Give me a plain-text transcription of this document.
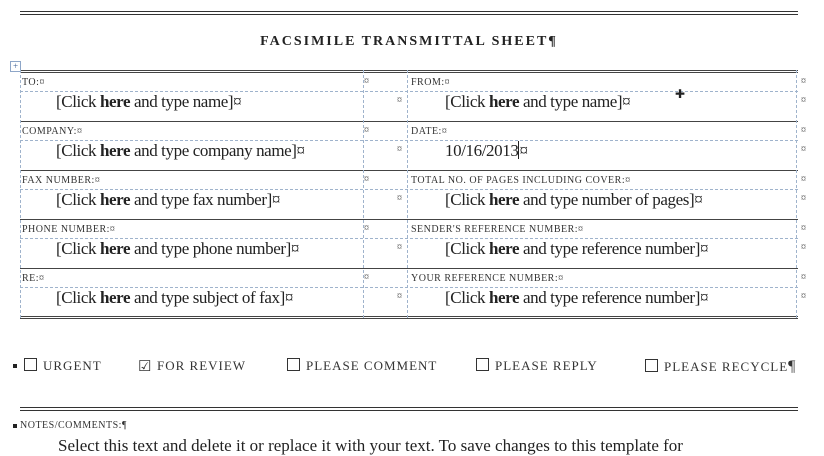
FACSIMILE TRANSMITTAL SHEET¶
+
TO:¤	¤	FROM:¤	¤
[Click here and type name]¤	¤	[Click here and type name]¤	¤
COMPANY:¤	¤	DATE:¤	¤
[Click here and type company name]¤	¤	10/16/2013¤	¤
FAX NUMBER:¤	¤	TOTAL NO. OF PAGES INCLUDING COVER:¤	¤
[Click here and type fax number]¤	¤	[Click here and type number of pages]¤	¤
PHONE NUMBER:¤	¤	SENDER'S REFERENCE NUMBER:¤	¤
[Click here and type phone number]¤	¤	[Click here and type reference number]¤	¤
RE:¤	¤	YOUR REFERENCE NUMBER:¤	¤
[Click here and type subject of fax]¤	¤	[Click here and type reference number]¤	¤
✚
URGENT ☑ FOR REVIEW	PLEASE COMMENT	PLEASE REPLY	PLEASE RECYCLE¶
NOTES/COMMENTS:¶
Select this text and delete it or replace it with your text. To save changes to this template for
